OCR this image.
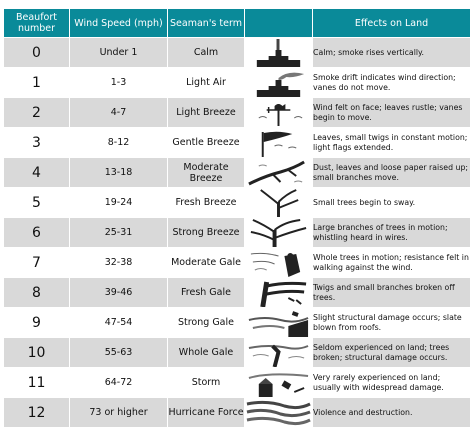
Beaufort number	Wind Speed (mph)	Seaman's term		Effects on Land
0	Under 1	Calm		Calm; smoke rises vertically.
1	1-3	Light Air		Smoke drift indicates wind direction; vanes do not move.
2	4-7	Light Breeze		Wind felt on face; leaves rustle; vanes begin to move.
3	8-12	Gentle Breeze		Leaves, small twigs in constant motion; light flags extended.
4	13-18	Moderate Breeze		Dust, leaves and loose paper raised up; small branches move.
5	19-24	Fresh Breeze		Small trees begin to sway.
6	25-31	Strong Breeze		Large branches of trees in motion; whistling heard in wires.
7	32-38	Moderate Gale		Whole trees in motion; resistance felt in walking against the wind.
8	39-46	Fresh Gale		Twigs and small branches broken off trees.
9	47-54	Strong Gale		Slight structural damage occurs; slate blown from roofs.
10	55-63	Whole Gale		Seldom experienced on land; trees broken; structural damage occurs.
11	64-72	Storm		Very rarely experienced on land; usually with widespread damage.
12	73 or higher	Hurricane Force		Violence and destruction.
